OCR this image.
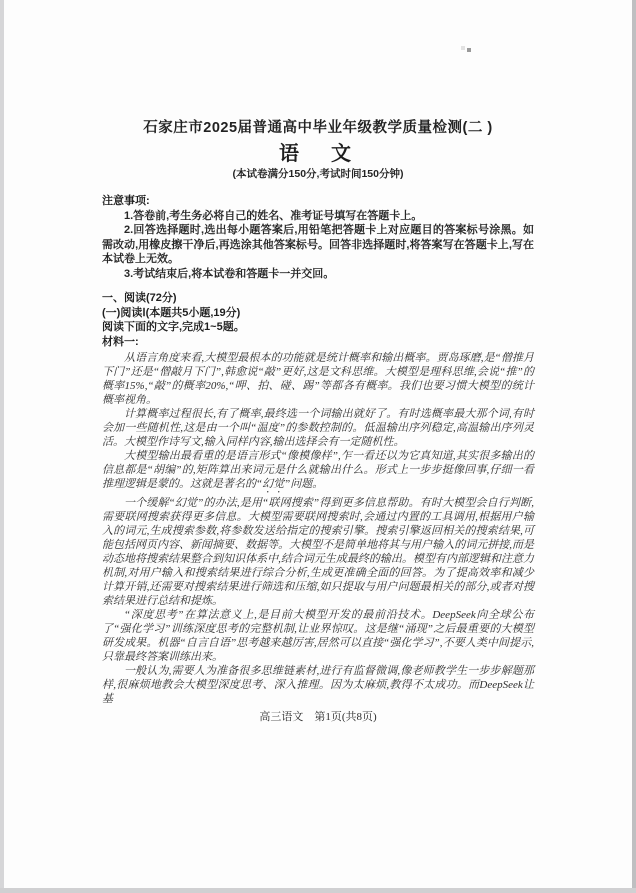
石家庄市2025届普通高中毕业年级教学质量检测(二 )
语　文
(本试卷满分150分,考试时间150分钟)
注意事项:

1.答卷前,考生务必将自己的姓名、准考证号填写在答题卡上。

2.回答选择题时,选出每小题答案后,用铅笔把答题卡上对应题目的答案标号涂黑。如需改动,用橡皮擦干净后,再选涂其他答案标号。回答非选择题时,将答案写在答题卡上,写在本试卷上无效。

3.考试结束后,将本试卷和答题卡一并交回。

一、阅读(72分)
(一)阅读Ⅰ(本题共5小题,19分)
阅读下面的文字,完成1~5题。
材料一:

从语言角度来看,大模型最根本的功能就是统计概率和输出概率。贾岛琢磨,是“僧推月下门”还是“僧敲月下门”,韩愈说“敲”更好,这是文科思维。大模型是理科思维,会说“推”的概率15%,“敲”的概率20%,“呷、拍、碰、踢”等都各有概率。我们也要习惯大模型的统计概率视角。

计算概率过程很长,有了概率,最终选一个词输出就好了。有时选概率最大那个词,有时会加一些随机性,这是由一个叫“温度”的参数控制的。低温输出序列稳定,高温输出序列灵活。大模型作诗写文,输入同样内容,输出选择会有一定随机性。

大模型输出最看重的是语言形式“像模像样”,乍一看还以为它真知道,其实很多输出的信息都是“胡编”的,矩阵算出来词元是什么就输出什么。形式上一步步挺像回事,仔细一看推理逻辑是蒙的。这就是著名的“幻觉”问题。

一个缓解“幻觉”的办法,是用“联网搜索”得到更多信息帮助。有时大模型会自行判断,需要联网搜索获得更多信息。大模型需要联网搜索时,会通过内置的工具调用,根据用户输入的词元,生成搜索参数,将参数发送给指定的搜索引擎。搜索引擎返回相关的搜索结果,可能包括网页内容、新闻摘要、数据等。大模型不是简单地将其与用户输入的词元拼接,而是动态地将搜索结果整合到知识体系中,结合词元生成最终的输出。模型有内部逻辑和注意力机制,对用户输入和搜索结果进行综合分析,生成更准确全面的回答。为了提高效率和减少计算开销,还需要对搜索结果进行筛选和压缩,如只提取与用户问题最相关的部分,或者对搜索结果进行总结和提炼。

“深度思考”在算法意义上,是目前大模型开发的最前沿技术。DeepSeek向全球公布了“强化学习”训练深度思考的完整机制,让业界惊叹。这是继“涌现”之后最重要的大模型研发成果。机器“自言自语”思考越来越厉害,居然可以直接“强化学习”,不要人类中间提示,只靠最终答案训练出来。

一般认为,需要人为准备很多思维链素材,进行有监督微调,像老师教学生一步步解题那样,很麻烦地教会大模型深度思考、深入推理。因为太麻烦,教得不太成功。而DeepSeek让基

高三语文　第1页(共8页)
